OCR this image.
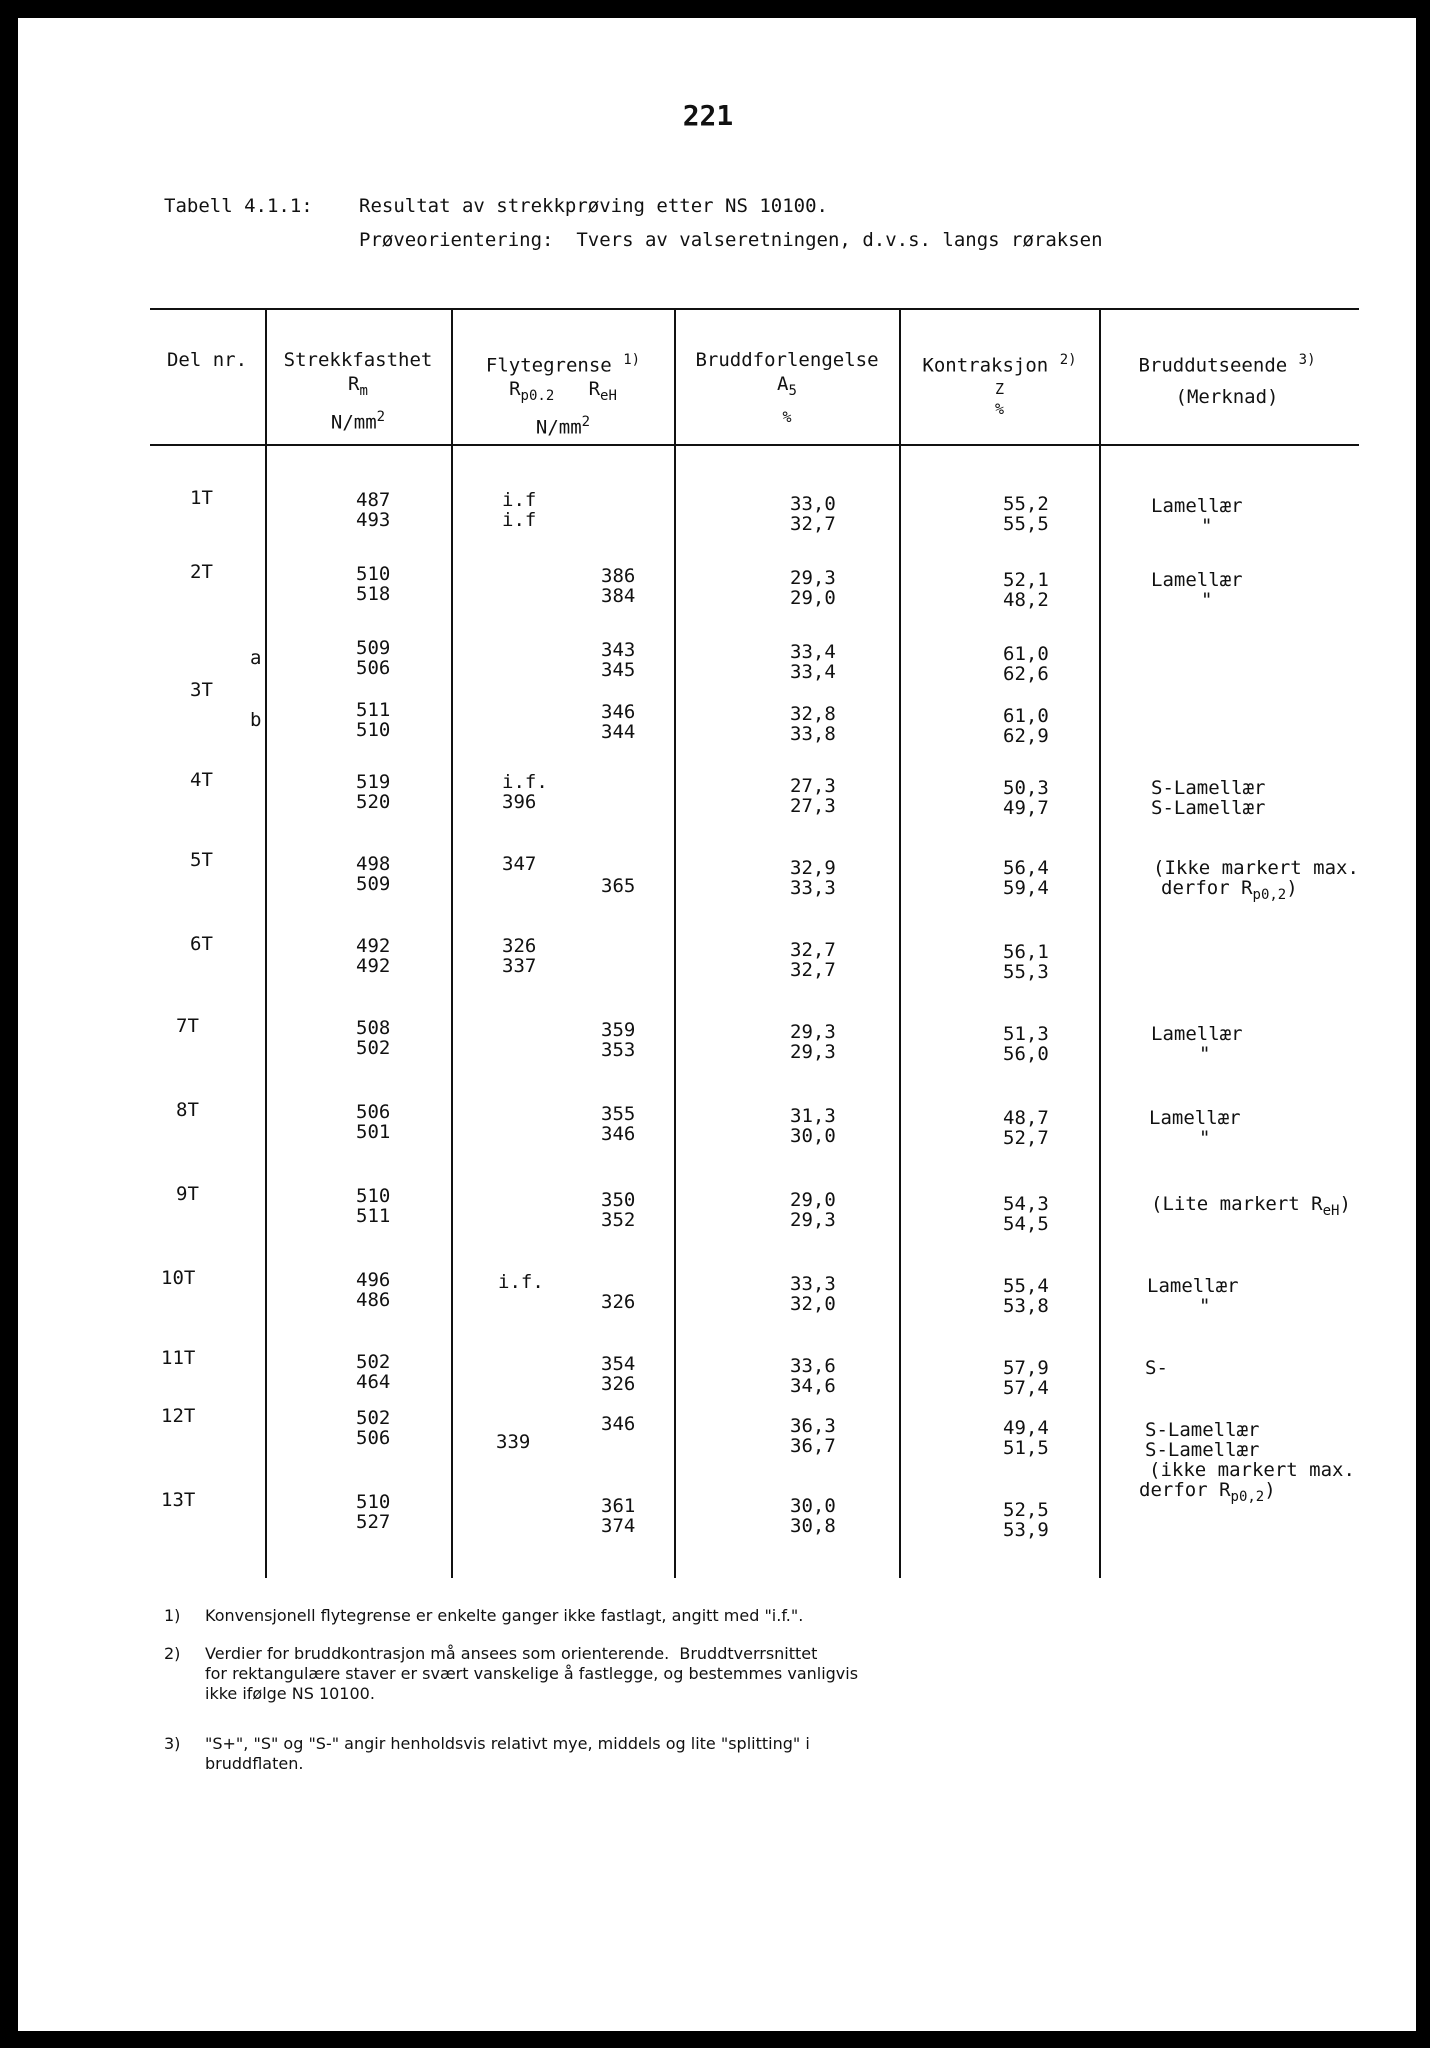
221
Tabell 4.1.1: Resultat av strekkprøving etter NS 10100.
Prøveorientering:  Tvers av valseretningen, d.v.s. langs røraksen
Del nr.	Strekkfasthet
$R_m$
$N/mm^2$
Flytegrense $^{1)}$
$R_{p0.2}$ $R_{eH}$
$N/mm^2$
Bruddforlengelse
$A_5$
%
Kontraksjon $^{2)}$
Z
%
Bruddutseende $^{3)}$
(Merknad)
1T
2T
a
3T
b
4T
5T
6T
7T
8T
9T
10T
11T
12T
13T
487
493
510
518
509
506
511
510
519
520
498
509
492
492
508
502
506
501
510
511
496
486
502
464
502
506
510
527
i.f
i.f
i.f.
396
347
326
337
i.f.
339
386
384
343
345
346
344
365
359
353
355
346
350
352
326
354
326
346
361
374
33,0
32,7
29,3
29,0
33,4
33,4
32,8
33,8
27,3
27,3
32,9
33,3
32,7
32,7
29,3
29,3
31,3
30,0
29,0
29,3
33,3
32,0
33,6
34,6
36,3
36,7
30,0
30,8
55,2
55,5
52,1
48,2
61,0
62,6
61,0
62,9
50,3
49,7
56,4
59,4
56,1
55,3
51,3
56,0
48,7
52,7
54,3
54,5
55,4
53,8
57,9
57,4
49,4
51,5
52,5
53,9
Lamellær
"
Lamellær
"
S-Lamellær
S-Lamellær
(Ikke markert max.
derfor $R_{p0,2}$)
Lamellær
"
Lamellær
"
(Lite markert $R_{eH}$)
Lamellær
"
S-
S-Lamellær
S-Lamellær
(ikke markert max.
derfor $R_{p0,2}$)
1) Konvensjonell flytegrense er enkelte ganger ikke fastlagt, angitt med "i.f.".
2) Verdier for bruddkontrasjon må ansees som orienterende.  Bruddtverrsnittet
for rektangulære staver er svært vanskelige å fastlegge, og bestemmes vanligvis
ikke ifølge NS 10100.
3) "S+", "S" og "S-" angir henholdsvis relativt mye, middels og lite "splitting" i
bruddflaten.
